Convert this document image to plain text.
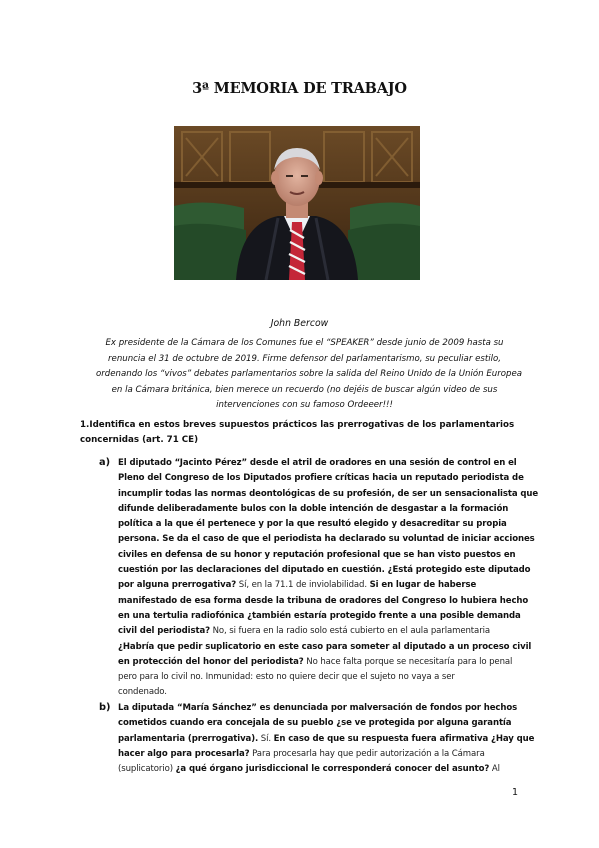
3ª MEMORIA DE TRABAJO
John Bercow
Ex presidente de la Cámara de los Comunes fue el “SPEAKER” desde junio de 2009 hasta su
renuncia el 31 de octubre de 2019. Firme defensor del parlamentarismo, su peculiar estilo,
ordenando los “vivos” debates parlamentarios sobre la salida del Reino Unido de la Unión Europea
en la Cámara británica, bien merece un recuerdo (no dejéis de buscar algún video de sus
intervenciones con su famoso Ordeeer!!!
1.Identifica en estos breves supuestos prácticos las prerrogativas de los parlamentarios
concernidas (art. 71 CE)
a) El diputado “Jacinto Pérez” desde el atril de oradores en una sesión de control en el
Pleno del Congreso de los Diputados profiere críticas hacia un reputado periodista de
incumplir todas las normas deontológicas de su profesión, de ser un sensacionalista que
difunde deliberadamente bulos con la doble intención de desgastar a la formación
política a la que él pertenece y por la que resultó elegido y desacreditar su propia
persona. Se da el caso de que el periodista ha declarado su voluntad de iniciar acciones
civiles en defensa de su honor y reputación profesional que se han visto puestos en
cuestión por las declaraciones del diputado en cuestión. ¿Está protegido este diputado
por alguna prerrogativa? Sí, en la 71.1 de inviolabilidad. Si en lugar de haberse
manifestado de esa forma desde la tribuna de oradores del Congreso lo hubiera hecho
en una tertulia radiofónica ¿también estaría protegido frente a una posible demanda
civil del periodista? No, si fuera en la radio solo está cubierto en el aula parlamentaria
¿Habría que pedir suplicatorio en este caso para someter al diputado a un proceso civil
en protección del honor del periodista? No hace falta porque se necesitaría para lo penal
pero para lo civil no. Inmunidad: esto no quiere decir que el sujeto no vaya a ser
condenado.
b) La diputada “María Sánchez” es denunciada por malversación de fondos por hechos
cometidos cuando era concejala de su pueblo ¿se ve protegida por alguna garantía
parlamentaria (prerrogativa). Sí. En caso de que su respuesta fuera afirmativa ¿Hay que
hacer algo para procesarla? Para procesarla hay que pedir autorización a la Cámara
(suplicatorio) ¿a qué órgano jurisdiccional le corresponderá conocer del asunto? Al
1
